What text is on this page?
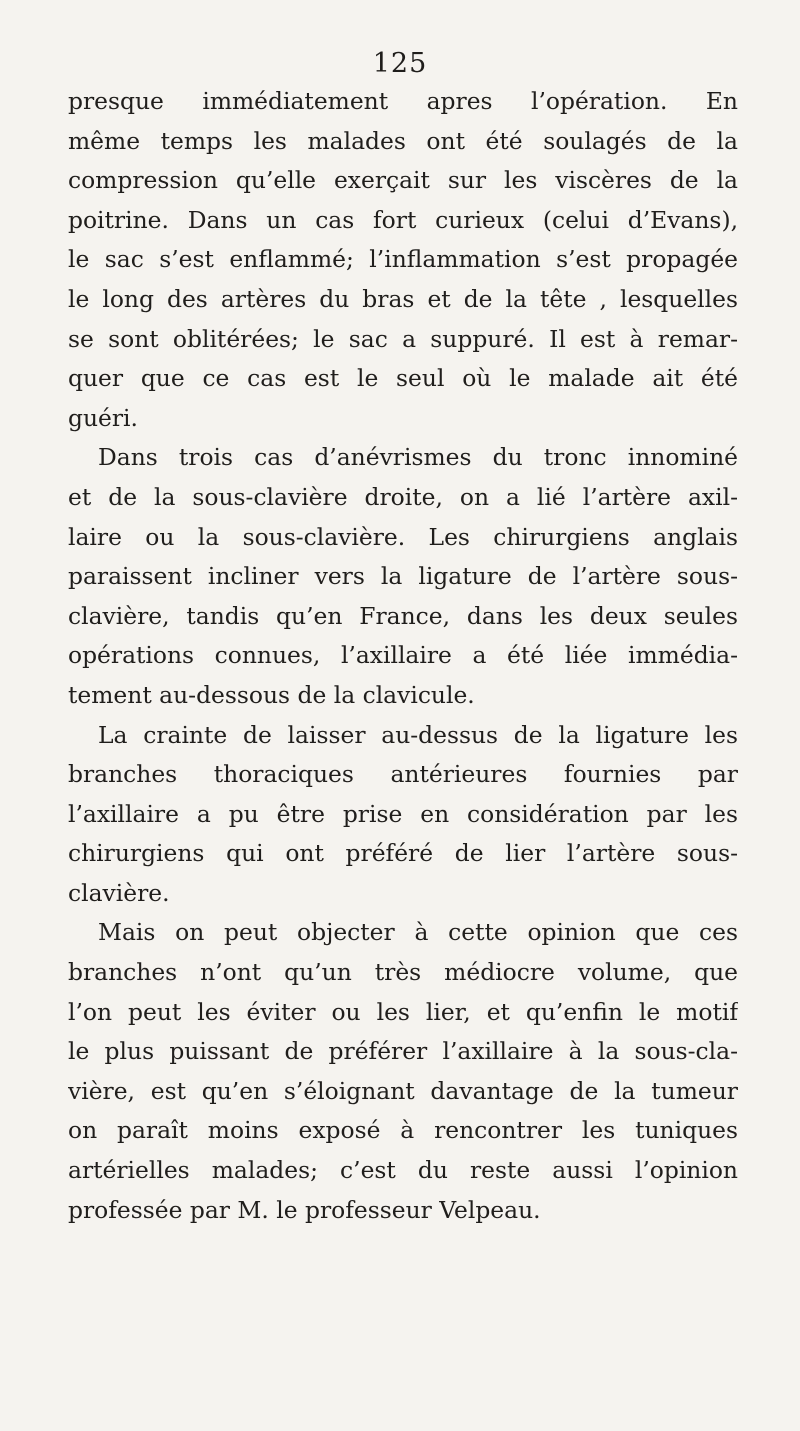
125
presque immédiatement apres l’opération. En
même temps les malades ont été soulagés de la
compression qu’elle exerçait sur les viscères de la
poitrine. Dans un cas fort curieux (celui d’Evans),
le sac s’est enflammé; l’inflammation s’est propagée
le long des artères du bras et de la tête , lesquelles
se sont oblitérées; le sac a suppuré. Il est à remar-
quer que ce cas est le seul où le malade ait été
guéri.
Dans trois cas d’anévrismes du tronc innominé
et de la sous-clavière droite, on a lié l’artère axil-
laire ou la sous-clavière. Les chirurgiens anglais
paraissent incliner vers la ligature de l’artère sous-
clavière, tandis qu’en France, dans les deux seules
opérations connues, l’axillaire a été liée immédia-
tement au-dessous de la clavicule.
La crainte de laisser au-dessus de la ligature les
branches thoraciques antérieures fournies par
l’axillaire a pu être prise en considération par les
chirurgiens qui ont préféré de lier l’artère sous-
clavière.
Mais on peut objecter à cette opinion que ces
branches n’ont qu’un très médiocre volume, que
l’on peut les éviter ou les lier, et qu’enfin le motif
le plus puissant de préférer l’axillaire à la sous-cla-
vière, est qu’en s’éloignant davantage de la tumeur
on paraît moins exposé à rencontrer les tuniques
artérielles malades; c’est du reste aussi l’opinion
professée par M. le professeur Velpeau.
